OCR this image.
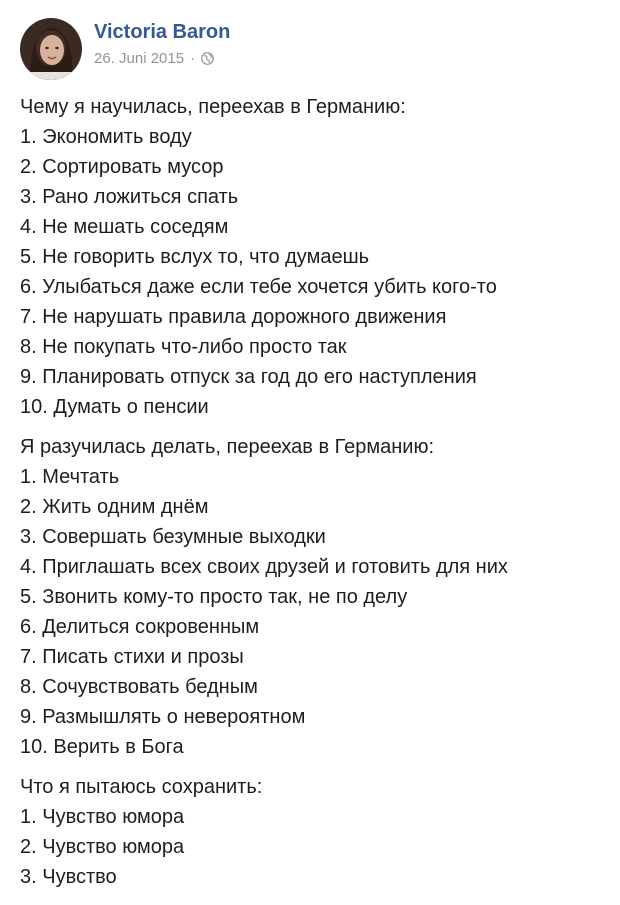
Victoria Baron
26. Juni 2015 ·
Чему я научилась, переехав в Германию:
1. Экономить воду
2. Сортировать мусор
3. Рано ложиться спать
4. Не мешать соседям
5. Не говорить вслух то, что думаешь
6. Улыбаться даже если тебе хочется убить кого-то
7. Не нарушать правила дорожного движения
8. Не покупать что-либо просто так
9. Планировать отпуск за год до его наступления
10. Думать о пенсии
Я разучилась делать, переехав в Германию:
1. Мечтать
2. Жить одним днём
3. Совершать безумные выходки
4. Приглашать всех своих друзей и готовить для них
5. Звонить кому-то просто так, не по делу
6. Делиться сокровенным
7. Писать стихи и прозы
8. Сочувствовать бедным
9. Размышлять о невероятном
10. Верить в Бога
Что я пытаюсь сохранить:
1. Чувство юмора
2. Чувство юмора
3. Чувство
